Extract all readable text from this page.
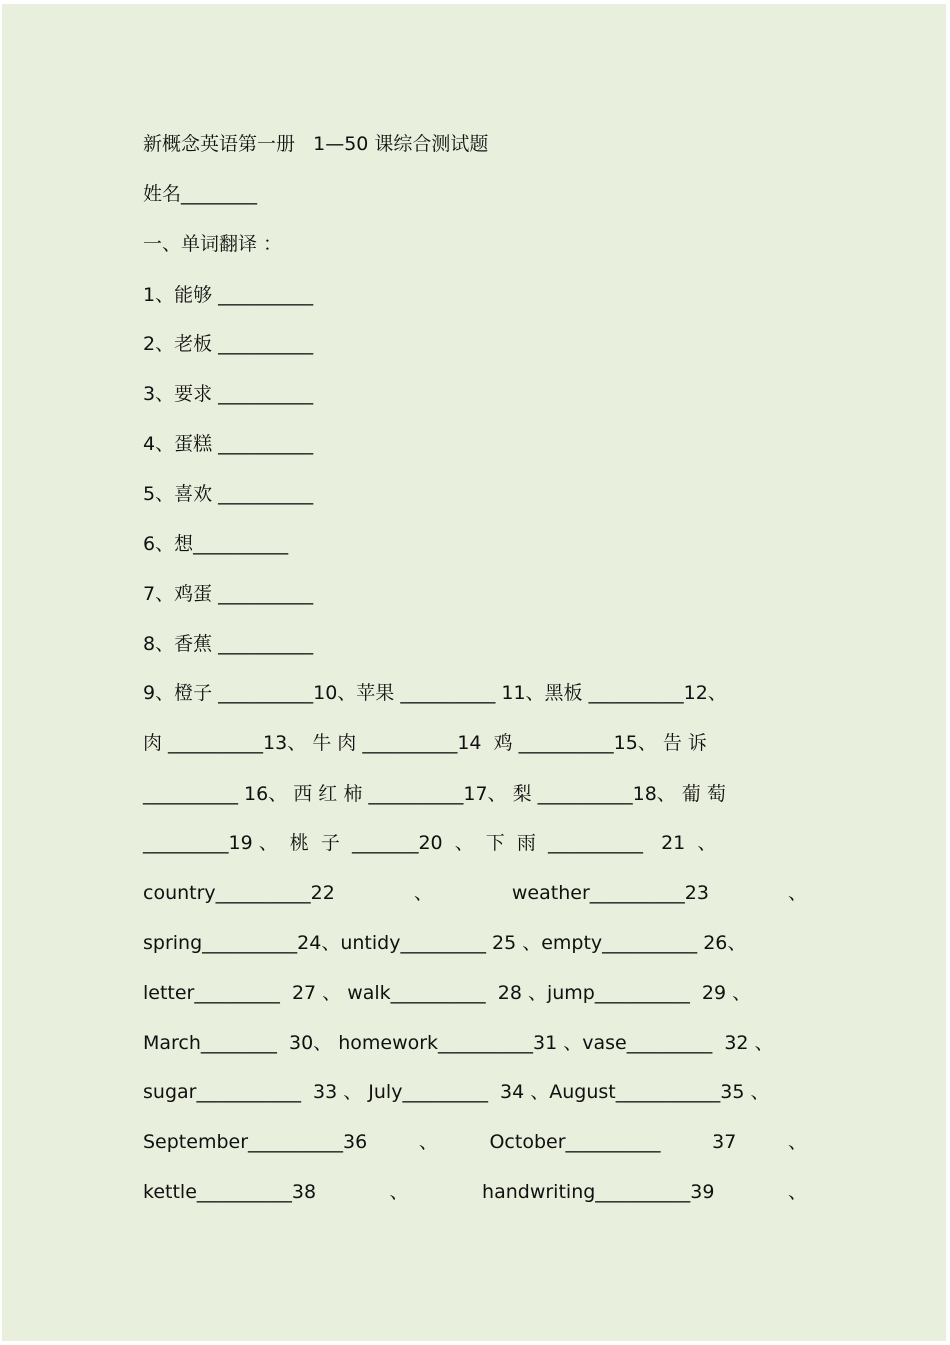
新概念英语第一册   1—50 课综合测试题
姓名________
一、单词翻译 ：
1、能够 __________
2、老板 __________
3、要求 __________
4、蛋糕 __________
5、喜欢 __________
6、想__________
7、鸡蛋 __________
8、香蕉 __________
9、橙子 __________10、苹果 __________ 11、黑板 __________12、
肉 __________13、 牛 肉 __________14  鸡 __________15、 告 诉
__________ 16、 西 红 柿 __________17、 梨 __________18、 葡 萄
_________19 、  桃  子  _______20  、  下  雨  __________   21  、
country__________22	、	weather__________23	、
spring__________24、untidy_________ 25 、empty__________ 26、
letter_________  27 、 walk__________  28 、jump__________  29 、
March________  30、 homework__________31 、vase_________  32 、
sugar___________  33 、 July_________  34 、August___________35 、
September__________36	、	October__________	37	、
kettle__________38	、	handwriting__________39	、
